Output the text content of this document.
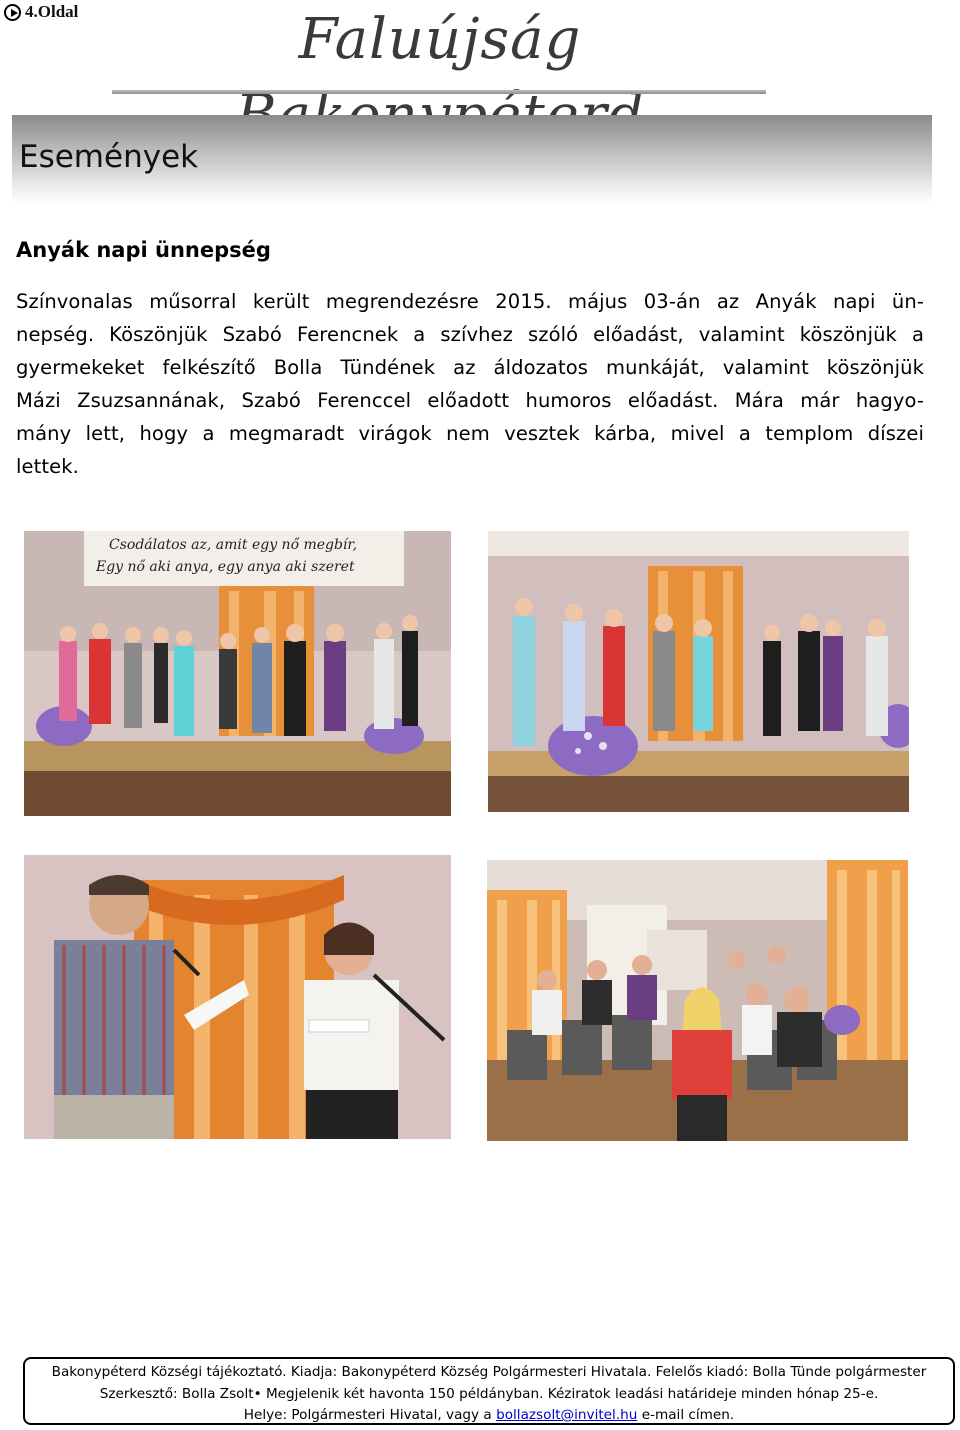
4.Oldal	Faluújság
Események
Anyák napi ünnepség
Színvonalas műsorral került megrendezésre 2015. május 03-án az Anyák napi ün-
nepség. Köszönjük Szabó Ferencnek a szívhez szóló előadást, valamint köszönjük a
gyermekeket felkészítő Bolla Tündének az áldozatos munkáját, valamint köszönjük
Mázi Zsuzsannának, Szabó Ferenccel előadott humoros előadást. Mára már hagyo-
mány lett, hogy a megmaradt virágok nem vesztek kárba, mivel a templom díszei
lettek.
Csodálatos az, amit egy nő megbír,
Egy nő aki anya, egy anya aki szeret
Bakonypéterd Községi tájékoztató. Kiadja: Bakonypéterd Község Polgármesteri Hivatala. Felelős kiadó: Bolla Tünde polgármester
Szerkesztő: Bolla Zsolt• Megjelenik két havonta 150 példányban. Kéziratok leadási határideje minden hónap 25-e.
Helye: Polgármesteri Hivatal, vagy a bollazsolt@invitel.hu e-mail címen.
